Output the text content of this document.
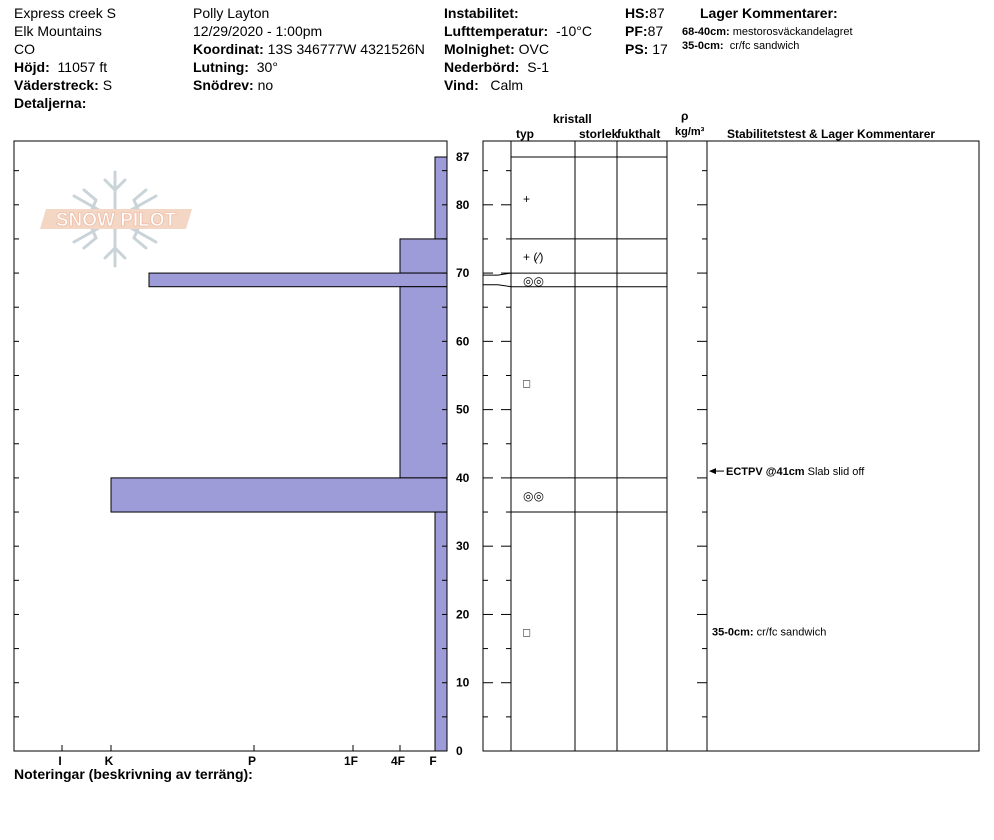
Express creek S
Elk Mountains
CO
Höjd: 11057 ft
Väderstreck: S
Detaljerna:
Polly Layton
12/29/2020 - 1:00pm
Koordinat: 13S 346777W 4321526N
Lutning: 30°
Snödrev: no
Instabilitet:
Lufttemperatur: -10°C
Molnighet: OVC
Nederbörd: S-1
Vind: Calm
HS:87
PF:87
PS: 17
Lager Kommentarer:
68-40cm: mestorosväckandelagret
35-0cm: cr/fc sandwich
kristall
typ	storlek
fukthalt
ρ
kg/m³ Stabilitetstest & Lager Kommentarer
Noteringar (beskrivning av terräng):
SNOW PILOT
0
10
20
30
40
50
60
70
80
87
I	K	P	1F	4F F
+
+ (⁄)
◎◎
□
◎◎
□
ECTPV @41cm Slab slid off
35-0cm: cr/fc sandwich
